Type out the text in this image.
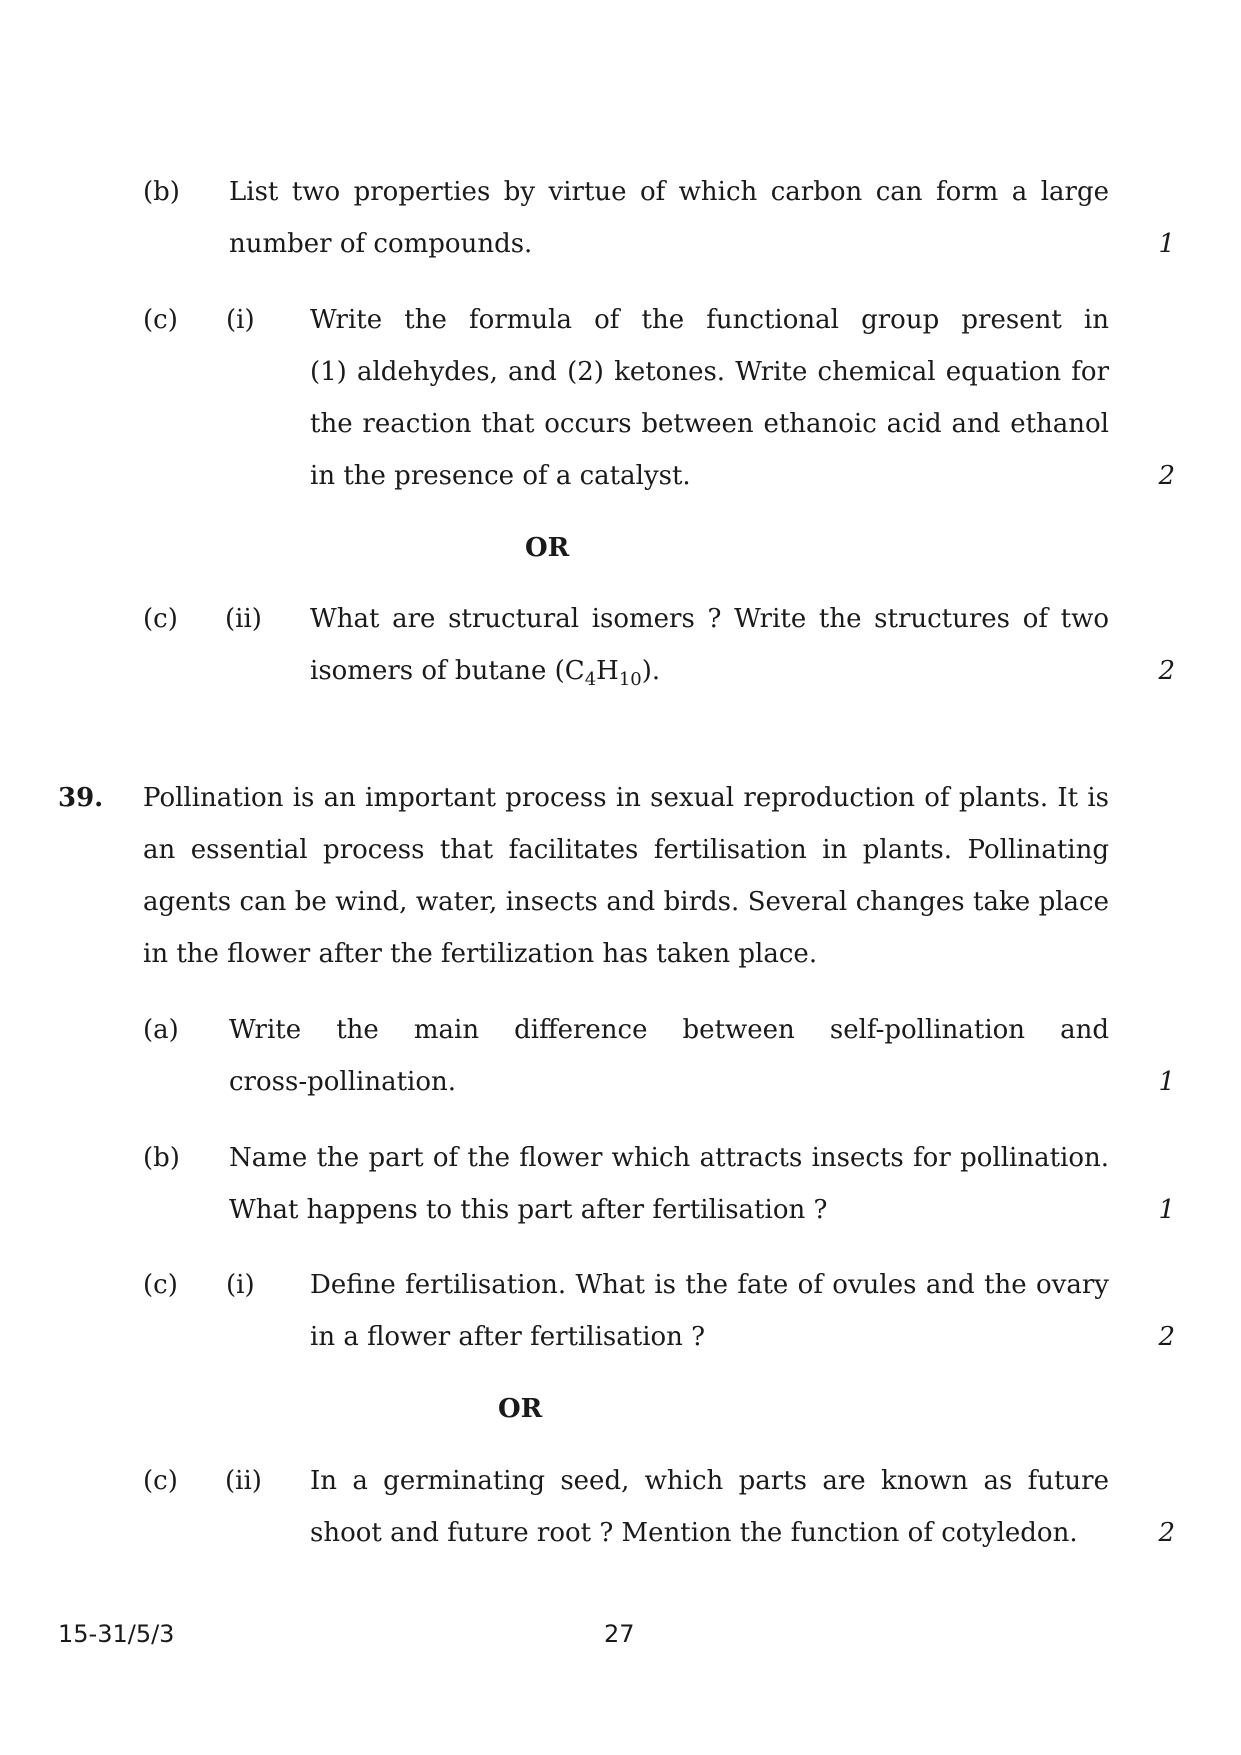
(b) List two properties by virtue of which carbon can form a large
number of compounds.	1
(c) (i) Write the formula of the functional group present in
(1) aldehydes, and (2) ketones. Write chemical equation for
the reaction that occurs between ethanoic acid and ethanol
in the presence of a catalyst.	2
OR
(c) (ii) What are structural isomers ? Write the structures of two
isomers of butane $(C_4H_{10})$.	2
39. Pollination is an important process in sexual reproduction of plants. It is
an essential process that facilitates fertilisation in plants. Pollinating
agents can be wind, water, insects and birds. Several changes take place
in the flower after the fertilization has taken place.
(a) Write the main difference between self-pollination and
cross-pollination.	1
(b) Name the part of the flower which attracts insects for pollination.
What happens to this part after fertilisation ?	1
(c) (i) Define fertilisation. What is the fate of ovules and the ovary
in a flower after fertilisation ?	2
OR
(c) (ii) In a germinating seed, which parts are known as future
shoot and future root ? Mention the function of cotyledon.	2
15-31/5/3	27
